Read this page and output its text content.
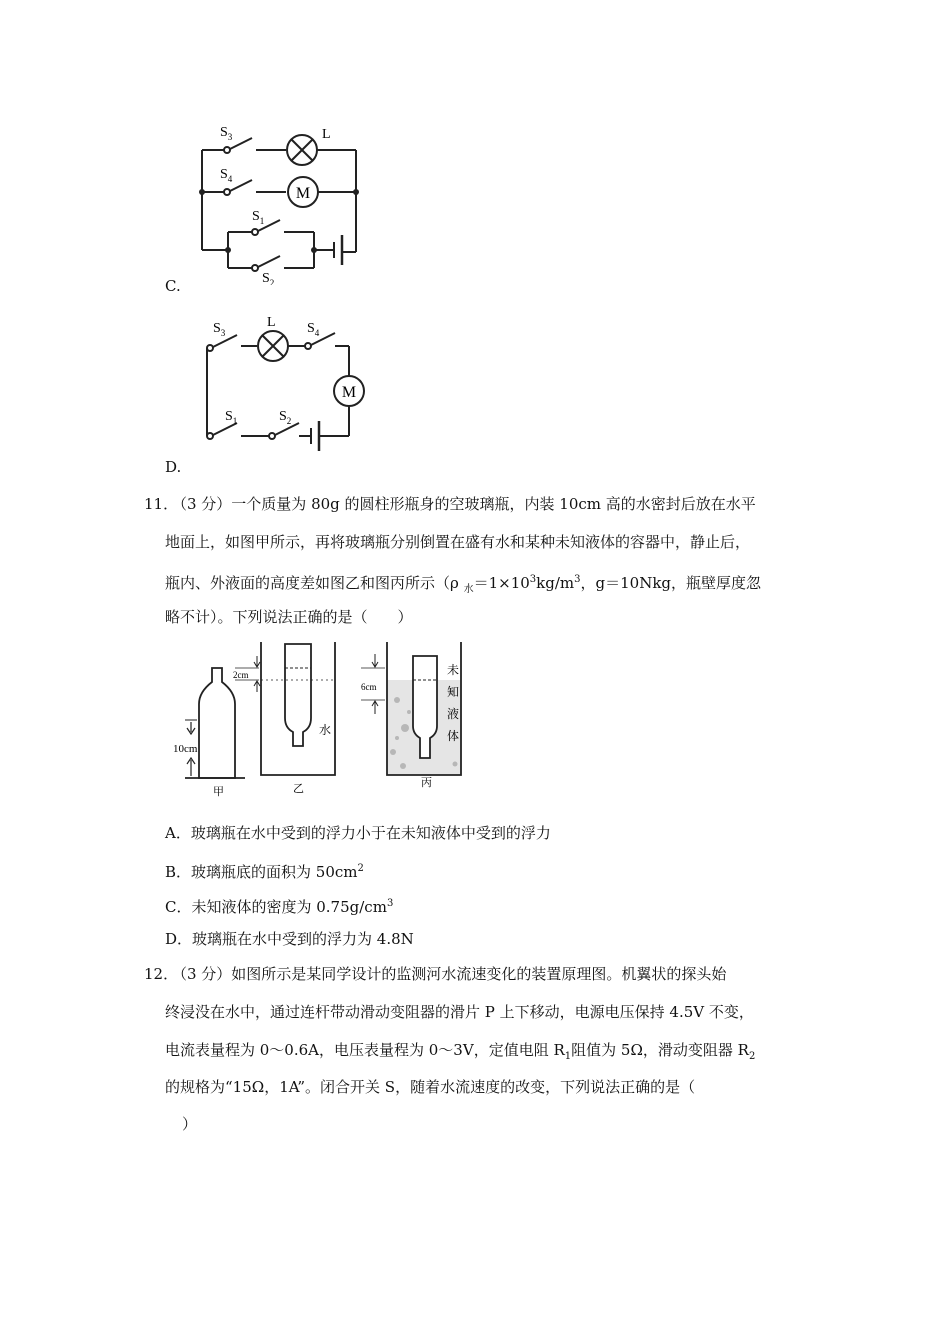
$S_3$	L
$S_4$
M
$S_1$
$S_2$
C.
$S_3$
L $S_4$
M
$S_1$	$S_2$
D.
11．
（3 分）一个质量为 80g 的圆柱形瓶身的空玻璃瓶，内装 10cm 高的水密封后放在水平
地面上，如图甲所示，再将玻璃瓶分别倒置在盛有水和某种未知液体的容器中，静止后，
瓶内、外液面的高度差如图乙和图丙所示（ρ $_水=1\times 10^3kg/m^3$，g＝10Nkg，瓶壁厚度忽
略不计）。下列说法正确的是（　　）
10cm
甲
2cm
水
乙
6cm
未
知
液
体
丙
A．玻璃瓶在水中受到的浮力小于在未知液体中受到的浮力
B．玻璃瓶底的面积为 $50cm^2$
C．未知液体的密度为 $0.75g/cm^3$
D．玻璃瓶在水中受到的浮力为 4.8N
12．
（3 分）如图所示是某同学设计的监测河水流速变化的装置原理图。机翼状的探头始
终浸没在水中，通过连杆带动滑动变阻器的滑片 P 上下移动，电源电压保持 4.5V 不变，
电流表量程为 0～0.6A，电压表量程为 0～3V，定值电阻 $R_1$阻值为 5Ω，滑动变阻器 $R_2$
的规格为“15Ω，1A”。闭合开关 S，随着水流速度的改变，下列说法正确的是（
）
